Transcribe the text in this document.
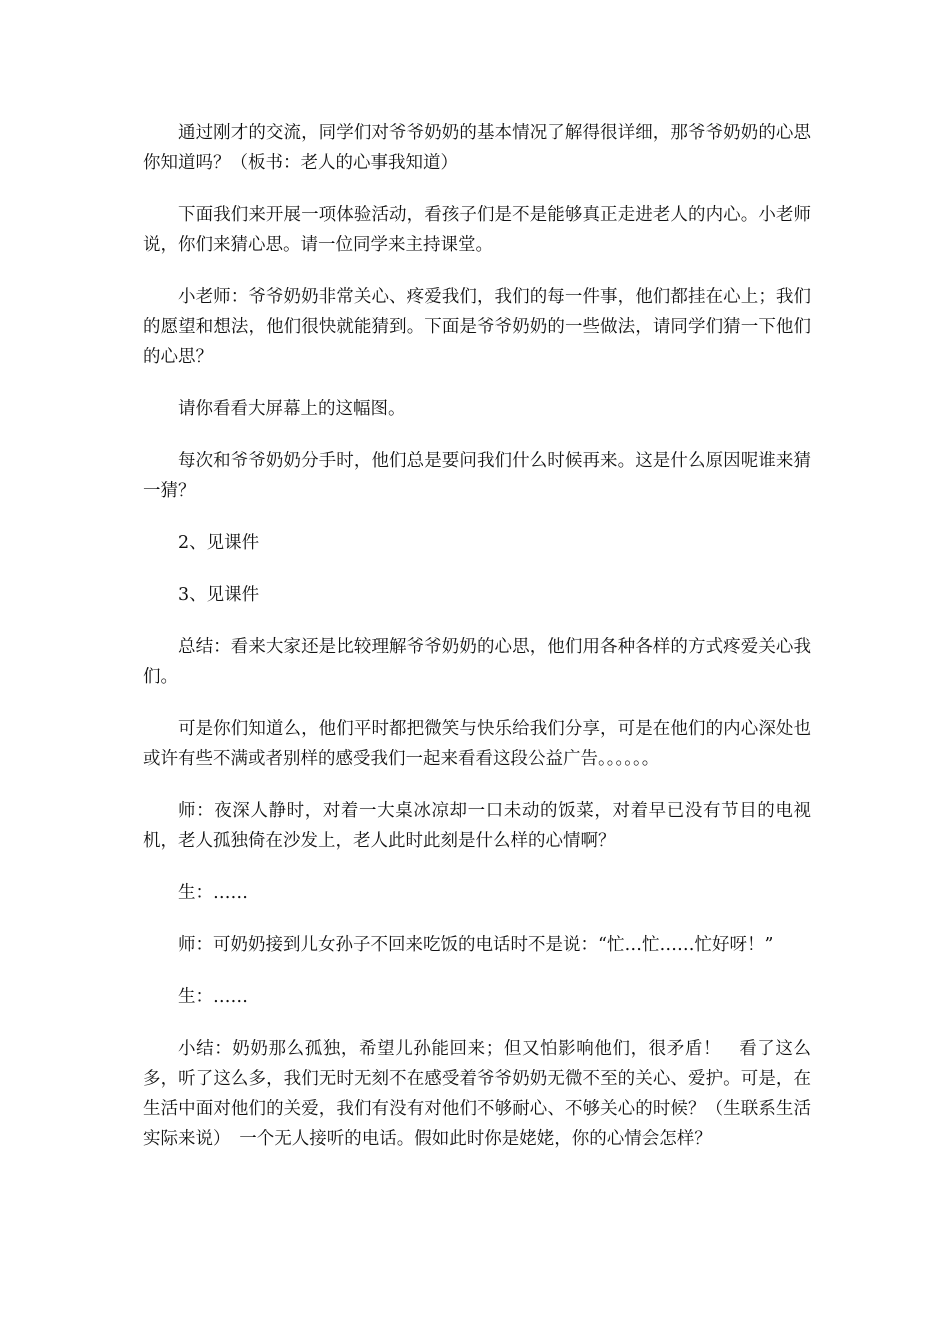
通过刚才的交流，同学们对爷爷奶奶的基本情况了解得很详细，那爷爷奶奶的心思你知道吗？（板书：老人的心事我知道）

下面我们来开展一项体验活动，看孩子们是不是能够真正走进老人的内心。小老师说，你们来猜心思。请一位同学来主持课堂。

小老师：爷爷奶奶非常关心、疼爱我们，我们的每一件事，他们都挂在心上；我们的愿望和想法，他们很快就能猜到。下面是爷爷奶奶的一些做法，请同学们猜一下他们的心思？

请你看看大屏幕上的这幅图。

每次和爷爷奶奶分手时，他们总是要问我们什么时候再来。这是什么原因呢谁来猜一猜？

2、见课件

3、见课件

总结：看来大家还是比较理解爷爷奶奶的心思，他们用各种各样的方式疼爱关心我们。

可是你们知道么，他们平时都把微笑与快乐给我们分享，可是在他们的内心深处也或许有些不满或者别样的感受我们一起来看看这段公益广告。。。。。。

师：夜深人静时，对着一大桌冰凉却一口未动的饭菜，对着早已没有节目的电视机，老人孤独倚在沙发上，老人此时此刻是什么样的心情啊？

生：……

师：可奶奶接到儿女孙子不回来吃饭的电话时不是说：“忙…忙……忙好呀！”

生：……

小结：奶奶那么孤独，希望儿孙能回来；但又怕影响他们，很矛盾！　看了这么多，听了这么多，我们无时无刻不在感受着爷爷奶奶无微不至的关心、爱护。可是，在生活中面对他们的关爱，我们有没有对他们不够耐心、不够关心的时候？（生联系生活实际来说）　一个无人接听的电话。假如此时你是姥姥，你的心情会怎样？
